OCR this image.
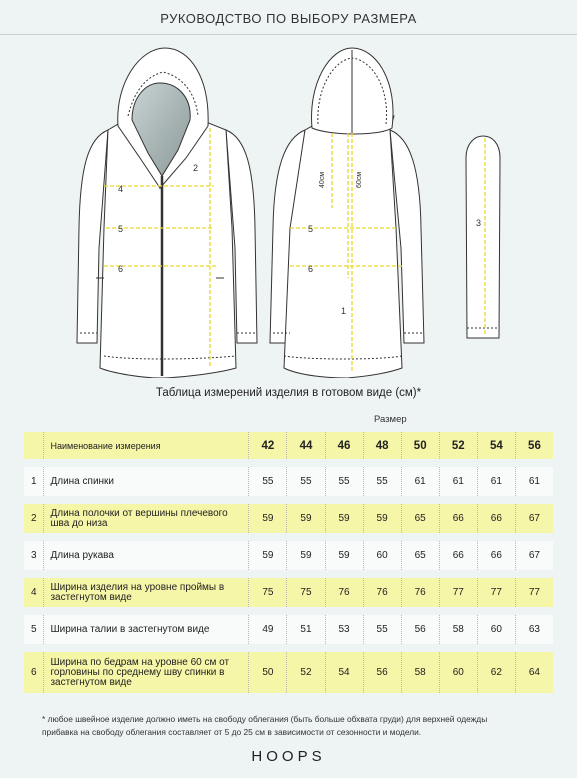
РУКОВОДСТВО ПО ВЫБОРУ РАЗМЕРА
2
4
5
6
40см	60см
5
6
1
3
Таблица измерений изделия в готовом виде (см)*
Размер
	Наименование измерения	42	44	46	48	50	52	54	56

1	Длина спинки	55	55	55	55	61	61	61	61

2	Длина полочки от вершины плечевого шва до низа	59	59	59	59	65	66	66	67

3	Длина рукава	59	59	59	60	65	66	66	67

4	Ширина изделия на уровне проймы в застегнутом виде	75	75	76	76	76	77	77	77

5	Ширина талии в застегнутом виде	49	51	53	55	56	58	60	63

6	Ширина по бедрам на уровне 60 см от горловины по среднему шву спинки в застегнутом виде	50	52	54	56	58	60	62	64
* любое швейное изделие должно иметь на свободу облегания (быть больше обхвата груди) для верхней одежды
прибавка на свободу облегания составляет от 5 до 25 см в зависимости от сезонности и модели.
HOOPS
